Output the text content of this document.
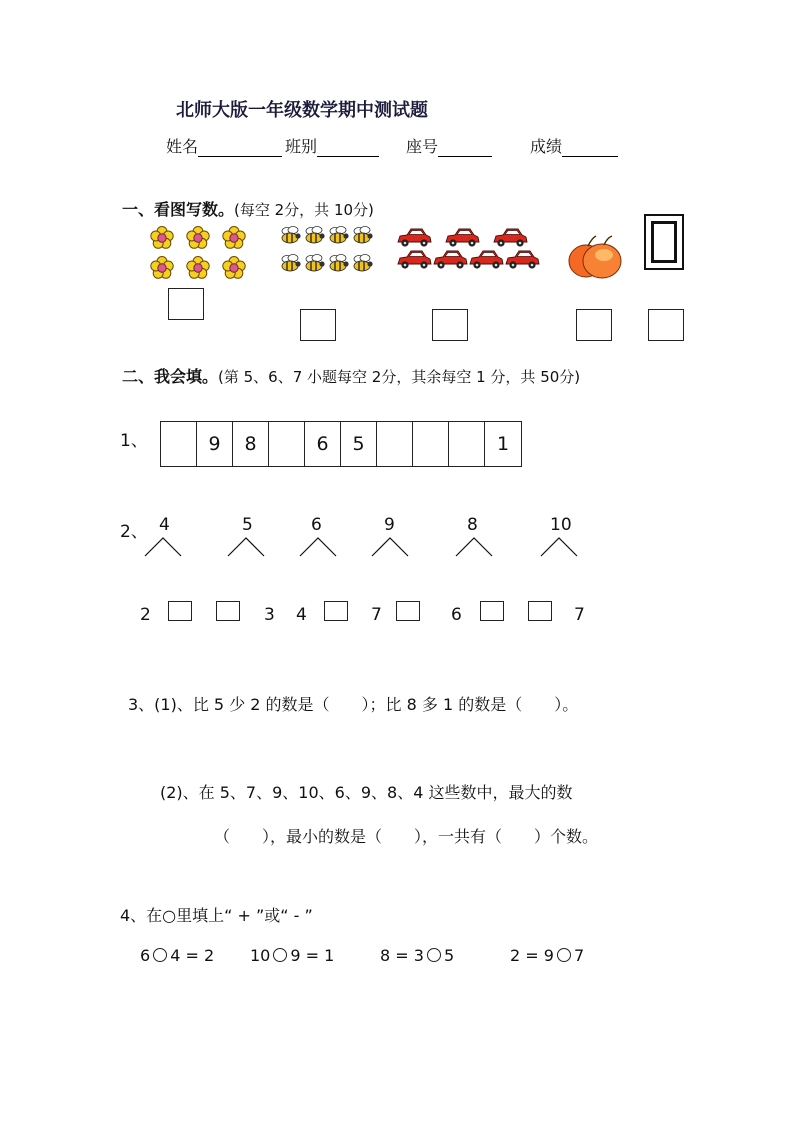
北师大版一年级数学期中测试题
姓名	班别	座号	成绩
一、看图写数。(每空 2分，共 10分)
二、我会填。(第 5、6、7 小题每空 2分，其余每空 1 分，共 50分)
1、	9	8	6	5	1
2、 4	5	6	9	8	10
2	3 4	7	6	7
3、(1)、比 5 少 2 的数是（　　）；比 8 多 1 的数是（　　）。
(2)、在 5、7、9、10、6、9、8、4 这些数中，最大的数
（　　），最小的数是（　　），一共有（　　）个数。
4、在○里填上“ + ”或“ - ”
6 4 = 2 10 9 = 1	8 = 3 5	2 = 9 7
